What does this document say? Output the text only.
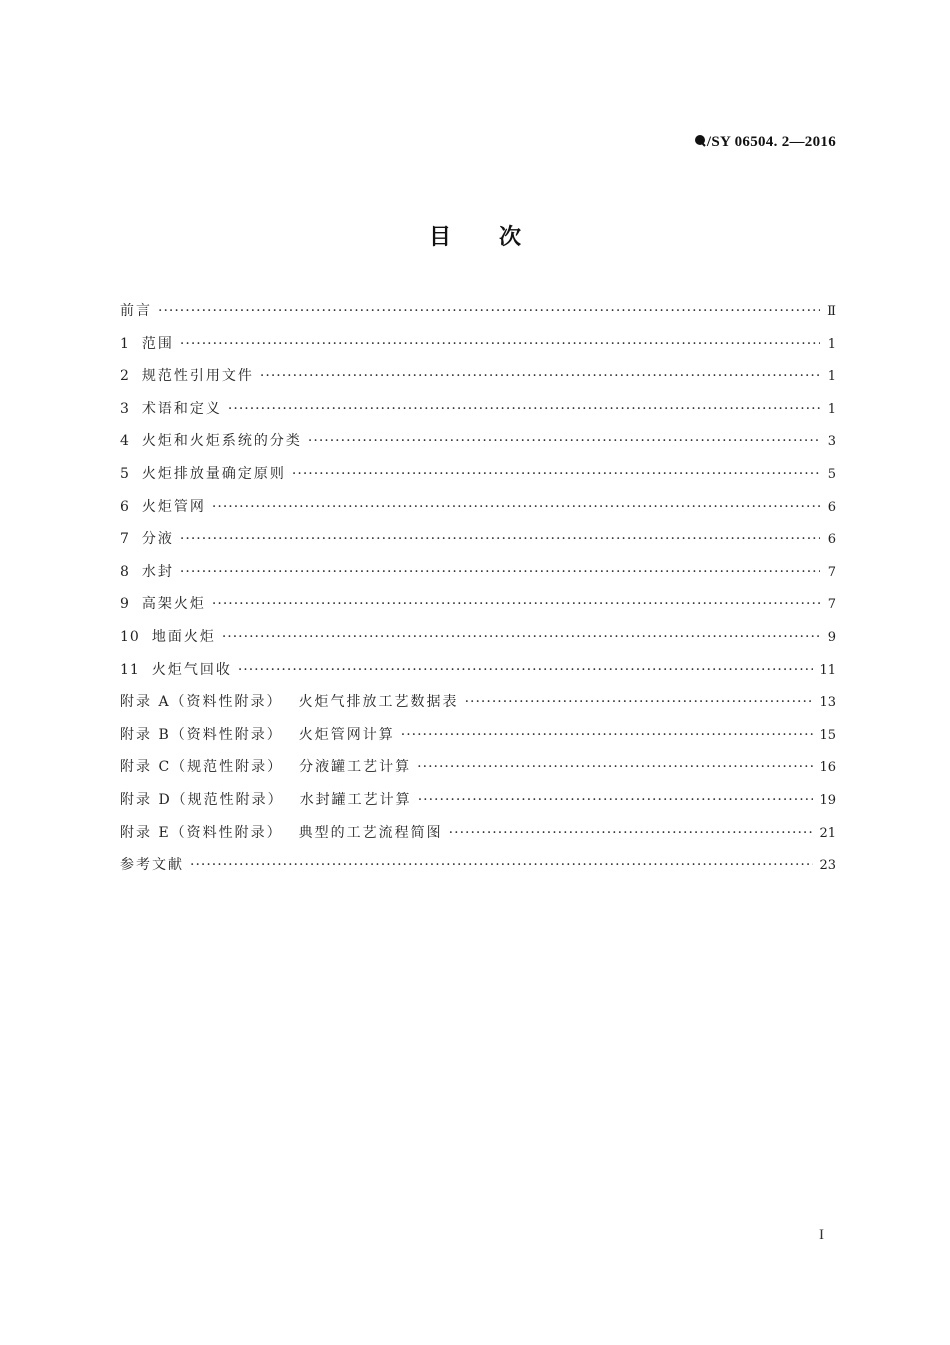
/SY 06504. 2—2016
目次
前言 ·····	Ⅱ
1 范围 ·····	1
2 规范性引用文件 ·····	1
3 术语和定义 ·····	1
4 火炬和火炬系统的分类 ·····	3
5 火炬排放量确定原则 ·····	5
6 火炬管网 ·····	6
7 分液 ·····	6
8 水封 ·····	7
9 高架火炬 ·····	7
10 地面火炬 ·····	9
11 火炬气回收 ·····	11
附录 A（资料性附录）	火炬气排放工艺数据表 ·····	13
附录 B（资料性附录）	火炬管网计算 ·····	15
附录 C（规范性附录）	分液罐工艺计算 ·····	16
附录 D（规范性附录）	水封罐工艺计算 ·····	19
附录 E（资料性附录）	典型的工艺流程简图 ·····	21
参考文献 ·····	23
I
